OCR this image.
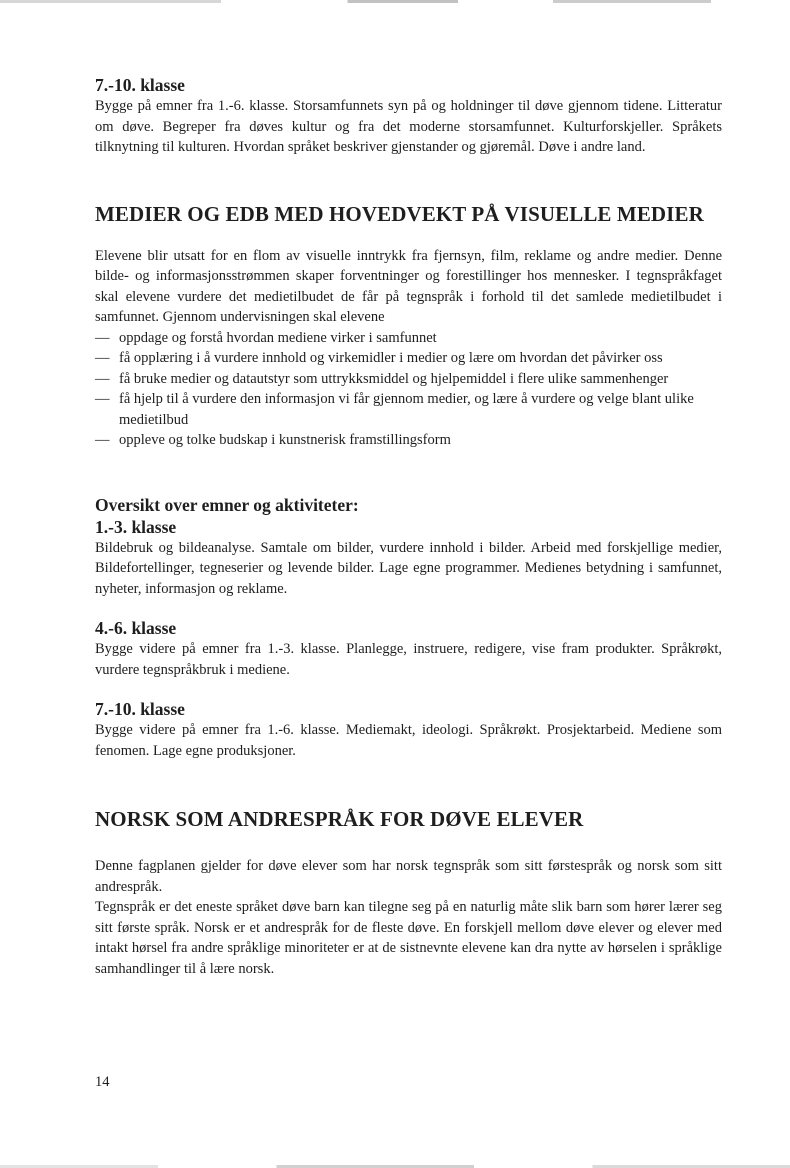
7.-10. klasse

Bygge på emner fra 1.-6. klasse. Storsamfunnets syn på og holdninger til døve gjennom tidene. Litteratur om døve. Begreper fra døves kultur og fra det moderne storsamfunnet. Kulturforskjeller. Språkets tilknytning til kulturen. Hvordan språket beskriver gjenstander og gjøremål. Døve i andre land.

MEDIER OG EDB MED HOVEDVEKT PÅ VISUELLE MEDIER

Elevene blir utsatt for en flom av visuelle inntrykk fra fjernsyn, film, reklame og andre medier. Denne bilde- og informasjonsstrømmen skaper forventninger og forestillinger hos mennesker. I tegnspråkfaget skal elevene vurdere det medietilbudet de får på tegnspråk i forhold til det samlede medietilbudet i samfunnet. Gjennom undervisningen skal elevene

— oppdage og forstå hvordan mediene virker i samfunnet
— få opplæring i å vurdere innhold og virkemidler i medier og lære om hvordan det påvirker oss
— få bruke medier og datautstyr som uttrykksmiddel og hjelpemiddel i flere ulike sammenhenger
— få hjelp til å vurdere den informasjon vi får gjennom medier, og lære å vurdere og velge blant ulike medietilbud
— oppleve og tolke budskap i kunstnerisk framstillingsform
Oversikt over emner og aktiviteter:
1.-3. klasse

Bildebruk og bildeanalyse. Samtale om bilder, vurdere innhold i bilder. Arbeid med forskjellige medier, Bildefortellinger, tegneserier og levende bilder. Lage egne programmer. Medienes betydning i samfunnet, nyheter, informasjon og reklame.

4.-6. klasse

Bygge videre på emner fra 1.-3. klasse. Planlegge, instruere, redigere, vise fram produkter. Språkrøkt, vurdere tegnspråkbruk i mediene.

7.-10. klasse

Bygge videre på emner fra 1.-6. klasse. Mediemakt, ideologi. Språkrøkt. Prosjektarbeid. Mediene som fenomen. Lage egne produksjoner.

NORSK SOM ANDRESPRÅK FOR DØVE ELEVER

Denne fagplanen gjelder for døve elever som har norsk tegnspråk som sitt førstespråk og norsk som sitt andrespråk.

Tegnspråk er det eneste språket døve barn kan tilegne seg på en naturlig måte slik barn som hører lærer seg sitt første språk. Norsk er et andrespråk for de fleste døve. En forskjell mellom døve elever og elever med intakt hørsel fra andre språklige minoriteter er at de sistnevnte elevene kan dra nytte av hørselen i språklige samhandlinger til å lære norsk.

14
